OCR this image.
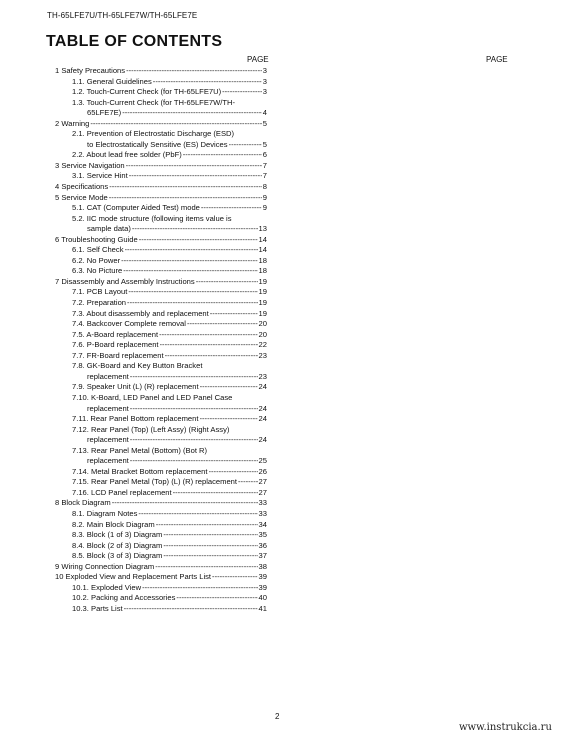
TH-65LFE7U/TH-65LFE7W/TH-65LFE7E
TABLE OF CONTENTS
PAGE	PAGE
1 Safety Precautions -----	3
1.1. General Guidelines -----	3
1.2. Touch-Current Check (for TH-65LFE7U) -----	3
1.3. Touch-Current Check (for TH-65LFE7W/TH-
65LFE7E) -----	4
2 Warning -----	5
2.1. Prevention of Electrostatic Discharge (ESD)
to Electrostatically Sensitive (ES) Devices -----	5
2.2. About lead free solder (PbF) -----	6
3 Service Navigation -----	7
3.1. Service Hint -----	7
4 Specifications -----	8
5 Service Mode -----	9
5.1. CAT (Computer Aided Test) mode -----	9
5.2. IIC mode structure (following items value is
sample data) -----	13
6 Troubleshooting Guide -----	14
6.1. Self Check -----	14
6.2. No Power -----	18
6.3. No Picture -----	18
7 Disassembly and Assembly Instructions -----	19
7.1. PCB Layout -----	19
7.2. Preparation -----	19
7.3. About disassembly and replacement -----	19
7.4. Backcover Complete removal -----	20
7.5. A-Board replacement -----	20
7.6. P-Board replacement -----	22
7.7. FR-Board replacement -----	23
7.8. GK-Board and Key Button Bracket
replacement -----	23
7.9. Speaker Unit (L) (R) replacement -----	24
7.10. K-Board, LED Panel and LED Panel Case
replacement -----	24
7.11. Rear Panel Bottom replacement -----	24
7.12. Rear Panel (Top) (Left Assy) (Right Assy)
replacement -----	24
7.13. Rear Panel Metal (Bottom) (Bot R)
replacement -----	25
7.14. Metal Bracket Bottom replacement -----	26
7.15. Rear Panel Metal (Top) (L) (R) replacement -----	27
7.16. LCD Panel replacement -----	27
8 Block Diagram -----	33
8.1. Diagram Notes -----	33
8.2. Main Block Diagram -----	34
8.3. Block (1 of 3) Diagram -----	35
8.4. Block (2 of 3) Diagram -----	36
8.5. Block (3 of 3) Diagram -----	37
9 Wiring Connection Diagram -----	38
10 Exploded View and Replacement Parts List -----	39
10.1. Exploded View -----	39
10.2. Packing and Accessories -----	40
10.3. Parts List -----	41
2
www.instrukcia.ru
